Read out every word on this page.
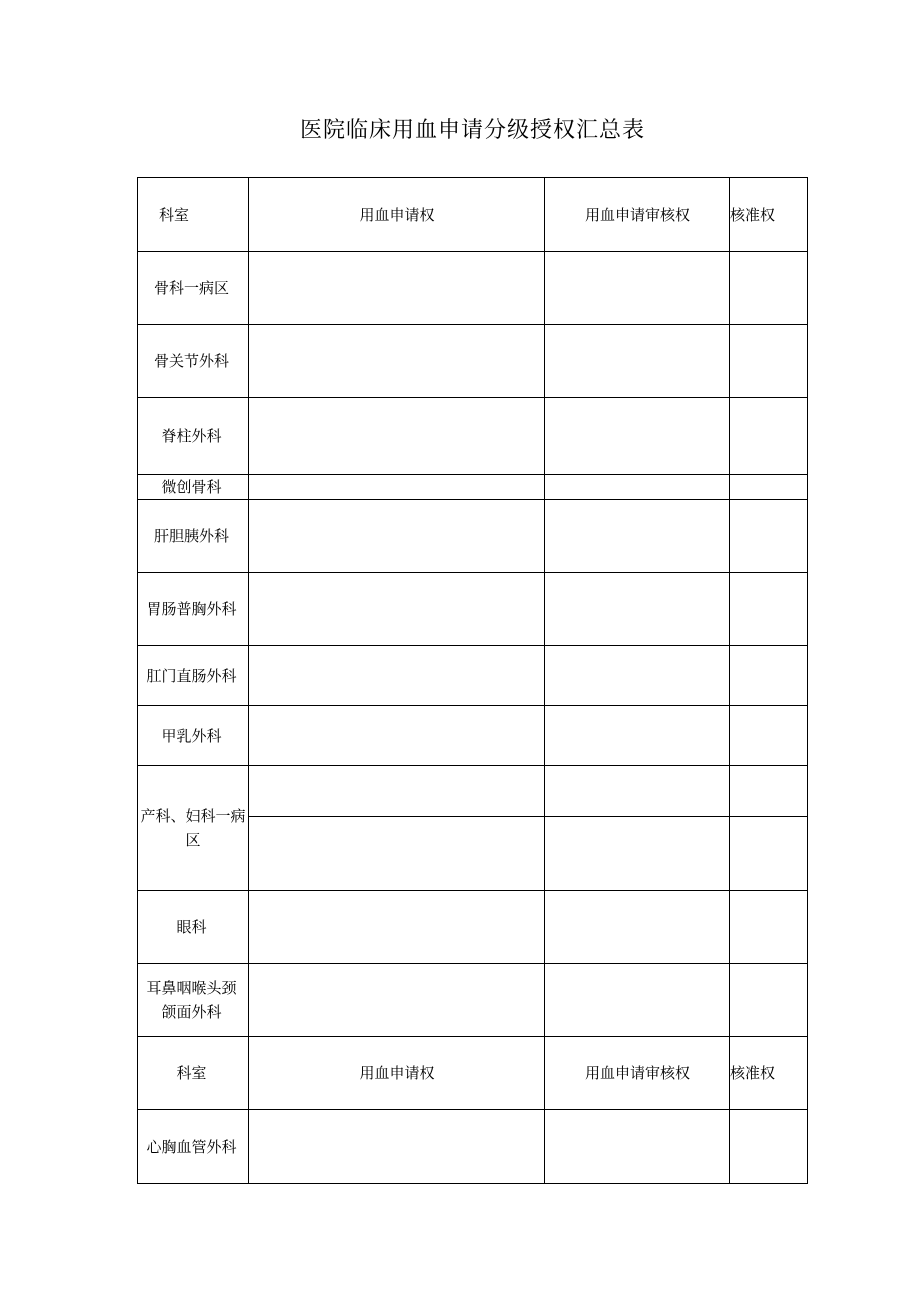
医院临床用血申请分级授权汇总表
科室	用血申请权	用血申请审核权	核准权
骨科一病区
骨关节外科
脊柱外科
微创骨科
肝胆胰外科
胃肠普胸外科
肛门直肠外科
甲乳外科
产科、妇科一病区
眼科
耳鼻咽喉头颈颌面外科
科室	用血申请权	用血申请审核权	核准权
心胸血管外科
